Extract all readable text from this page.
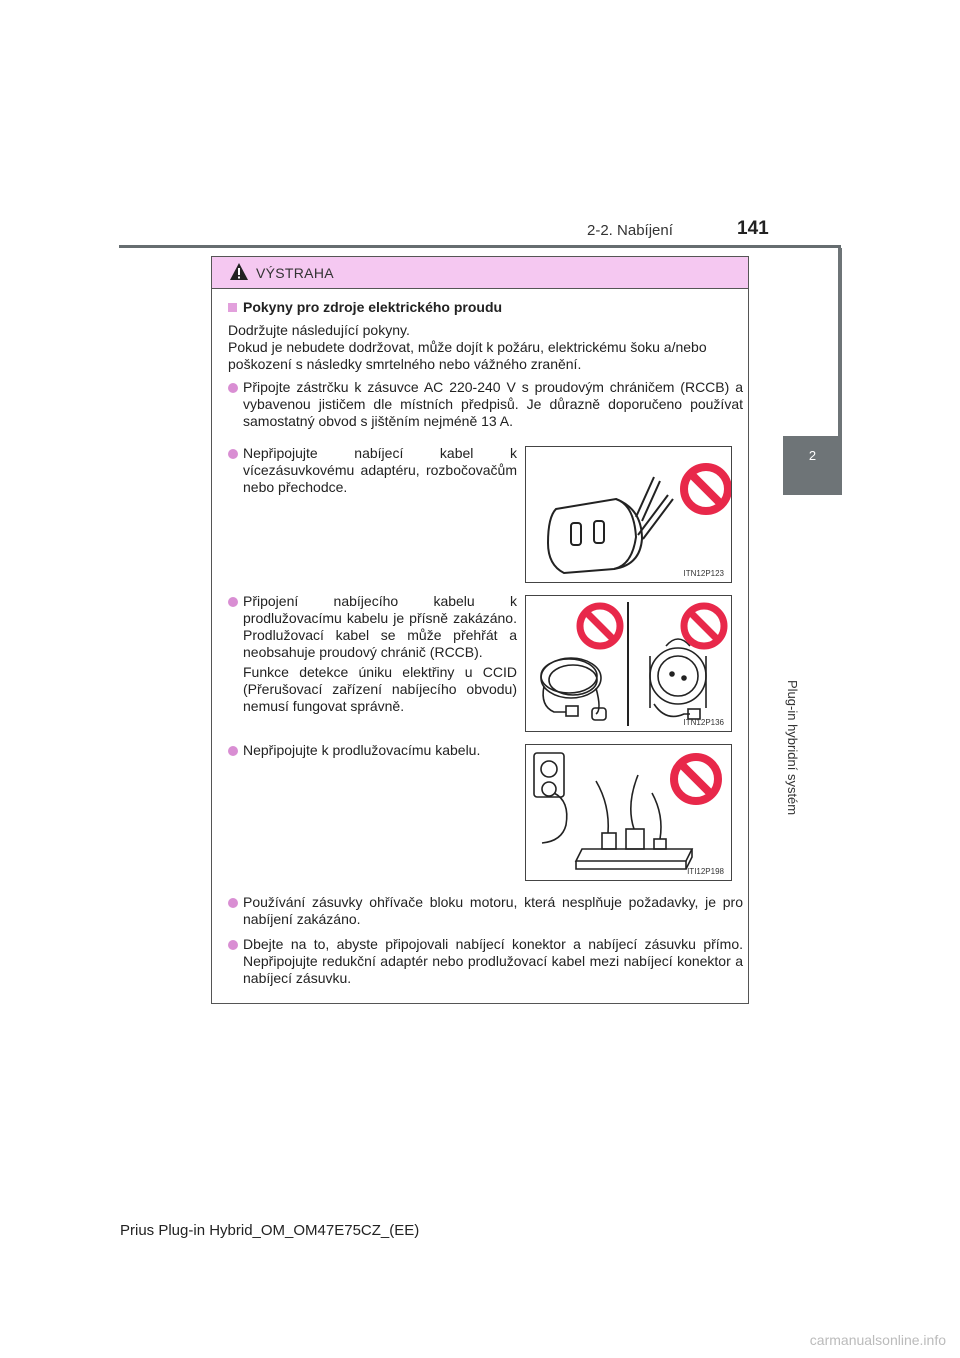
2-2. Nabíjení	141
2
Plug-in hybridní systém
VÝSTRAHA
Pokyny pro zdroje elektrického proudu
Dodržujte následující pokyny.
Pokud je nebudete dodržovat, může dojít k požáru, elektrickému šoku a/nebo poškození s následky smrtelného nebo vážného zranění.
Připojte zástrčku k zásuvce AC 220-240 V s proudovým chráničem (RCCB) a vybavenou jističem dle místních předpisů. Je důrazně doporučeno používat samostatný obvod s jištěním nejméně 13 A.
Nepřipojujte nabíjecí kabel k vícezásuvkovému adaptéru, rozbočovačům nebo přechodce.
ITN12P123
Připojení nabíjecího kabelu k prodlužovacímu kabelu je přísně zakázáno. Prodlužovací kabel se může přehřát a neobsahuje proudový chránič (RCCB).
Funkce detekce úniku elektřiny u CCID (Přerušovací zařízení nabíjecího obvodu) nemusí fungovat správně.
ITN12P136
Nepřipojujte k prodlužovacímu kabelu.
ITI12P198
Používání zásuvky ohřívače bloku motoru, která nesplňuje požadavky, je pro nabíjení zakázáno.
Dbejte na to, abyste připojovali nabíjecí konektor a nabíjecí zásuvku přímo. Nepřipojujte redukční adaptér nebo prodlužovací kabel mezi nabíjecí konektor a nabíjecí zásuvku.
Prius Plug-in Hybrid_OM_OM47E75CZ_(EE)
carmanualsonline.info
